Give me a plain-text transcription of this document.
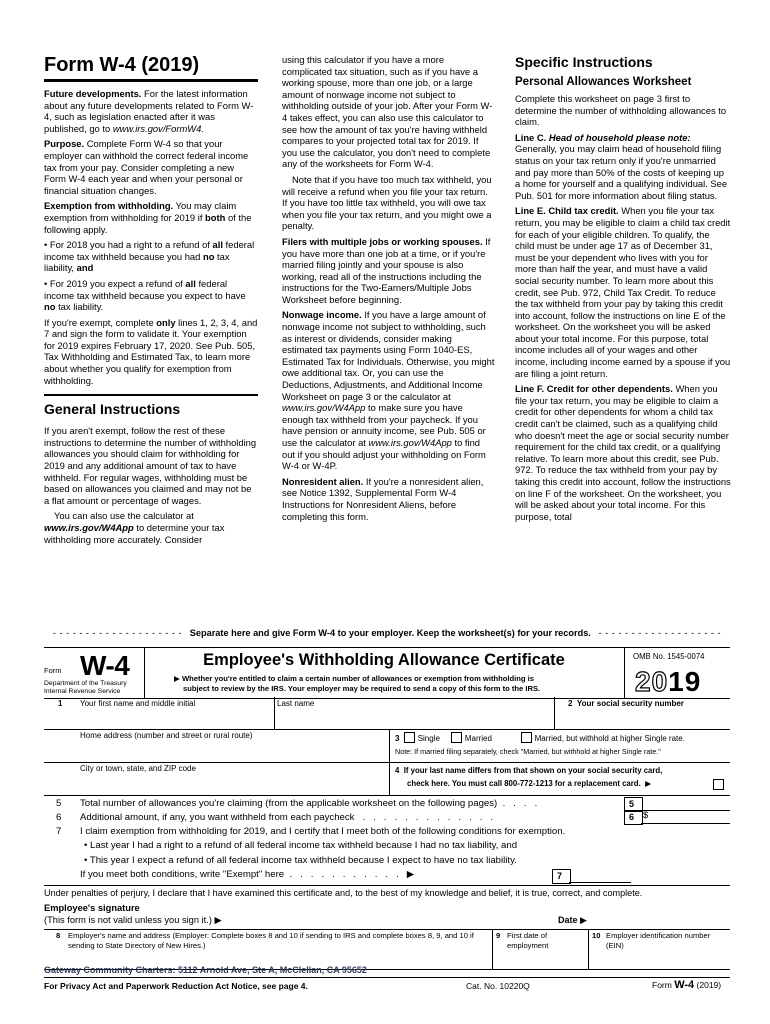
Form W-4 (2019)

Future developments. For the latest information about any future developments related to Form W-4, such as legislation enacted after it was published, go to www.irs.gov/FormW4.

Purpose. Complete Form W-4 so that your employer can withhold the correct federal income tax from your pay. Consider completing a new Form W-4 each year and when your personal or financial situation changes.

Exemption from withholding. You may claim exemption from withholding for 2019 if both of the following apply.

• For 2018 you had a right to a refund of all federal income tax withheld because you had no tax liability, and

• For 2019 you expect a refund of all federal income tax withheld because you expect to have no tax liability.

If you're exempt, complete only lines 1, 2, 3, 4, and 7 and sign the form to validate it. Your exemption for 2019 expires February 17, 2020. See Pub. 505, Tax Withholding and Estimated Tax, to learn more about whether you qualify for exemption from withholding.

General Instructions

If you aren't exempt, follow the rest of these instructions to determine the number of withholding allowances you should claim for withholding for 2019 and any additional amount of tax to have withheld. For regular wages, withholding must be based on allowances you claimed and may not be a flat amount or percentage of wages.

You can also use the calculator at www.irs.gov/W4App to determine your tax withholding more accurately. Consider

using this calculator if you have a more complicated tax situation, such as if you have a working spouse, more than one job, or a large amount of nonwage income not subject to withholding outside of your job. After your Form W-4 takes effect, you can also use this calculator to see how the amount of tax you're having withheld compares to your projected total tax for 2019. If you use the calculator, you don't need to complete any of the worksheets for Form W-4.

Note that if you have too much tax withheld, you will receive a refund when you file your tax return. If you have too little tax withheld, you will owe tax when you file your tax return, and you might owe a penalty.

Filers with multiple jobs or working spouses. If you have more than one job at a time, or if you're married filing jointly and your spouse is also working, read all of the instructions including the instructions for the Two-Earners/Multiple Jobs Worksheet before beginning.

Nonwage income. If you have a large amount of nonwage income not subject to withholding, such as interest or dividends, consider making estimated tax payments using Form 1040-ES, Estimated Tax for Individuals. Otherwise, you might owe additional tax. Or, you can use the Deductions, Adjustments, and Additional Income Worksheet on page 3 or the calculator at www.irs.gov/W4App to make sure you have enough tax withheld from your paycheck. If you have pension or annuity income, see Pub. 505 or use the calculator at www.irs.gov/W4App to find out if you should adjust your withholding on Form W-4 or W-4P.

Nonresident alien. If you're a nonresident alien, see Notice 1392, Supplemental Form W-4 Instructions for Nonresident Aliens, before completing this form.

Specific Instructions
Personal Allowances Worksheet

Complete this worksheet on page 3 first to determine the number of withholding allowances to claim.

Line C. Head of household please note: Generally, you may claim head of household filing status on your tax return only if you're unmarried and pay more than 50% of the costs of keeping up a home for yourself and a qualifying individual. See Pub. 501 for more information about filing status.

Line E. Child tax credit. When you file your tax return, you may be eligible to claim a child tax credit for each of your eligible children. To qualify, the child must be under age 17 as of December 31, must be your dependent who lives with you for more than half the year, and must have a valid social security number. To learn more about this credit, see Pub. 972, Child Tax Credit. To reduce the tax withheld from your pay by taking this credit into account, follow the instructions on line E of the worksheet. On the worksheet you will be asked about your total income. For this purpose, total income includes all of your wages and other income, including income earned by a spouse if you are filing a joint return.

Line F. Credit for other dependents. When you file your tax return, you may be eligible to claim a credit for other dependents for whom a child tax credit can't be claimed, such as a qualifying child who doesn't meet the age or social security number requirement for the child tax credit, or a qualifying relative. To learn more about this credit, see Pub. 972. To reduce the tax withheld from your pay by taking this credit into account, follow the instructions on line F of the worksheet. On the worksheet, you will be asked about your total income. For this purpose, total

- - - - - - - - - - - - - - - - - - - - Separate here and give Form W-4 to your employer. Keep the worksheet(s) for your records. - - - - - - - - - - - - - - - - - - -
Form W-4
Department of the Treasury
Internal Revenue Service
Employee's Withholding Allowance Certificate
▶ Whether you're entitled to claim a certain number of allowances or exemption from withholding is
subject to review by the IRS. Your employer may be required to send a copy of this form to the IRS.
OMB No. 1545-0074
2019
1 Your first name and middle initial	Last name	2 Your social security number
Home address (number and street or rural route)	3 Single	Married	Married, but withhold at higher Single rate.
Note: If married filing separately, check "Married, but withhold at higher Single rate."
City or town, state, and ZIP code	4 If your last name differs from that shown on your social security card,
check here. You must call 800-772-1213 for a replacement card.  ▶
5 Total number of allowances you're claiming (from the applicable worksheet on the following pages)  .   .   .   .
6 Additional amount, if any, you want withheld from each paycheck   .   .   .   .   .   .   .   .   .   .   .   .   .
5
6 $
7 I claim exemption from withholding for 2019, and I certify that I meet both of the following conditions for exemption.
• Last year I had a right to a refund of all federal income tax withheld because I had no tax liability, and
• This year I expect a refund of all federal income tax withheld because I expect to have no tax liability.
If you meet both conditions, write "Exempt" here  .   .   .   .   .   .   .   .   .   .   .   ▶	7
Under penalties of perjury, I declare that I have examined this certificate and, to the best of my knowledge and belief, it is true, correct, and complete.
Employee's signature
(This form is not valid unless you sign it.) ▶	Date ▶
8 Employer's name and address (Employer: Complete boxes 8 and 10 if sending to IRS and complete boxes 8, 9, and 10 if sending to State Directory of New Hires.)
9 First date of employment
10 Employer identification number (EIN)
Gateway Community Charters: 5112 Arnold Ave, Ste A, McClellan, CA 95652
For Privacy Act and Paperwork Reduction Act Notice, see page 4.	Cat. No. 10220Q	Form W-4 (2019)
